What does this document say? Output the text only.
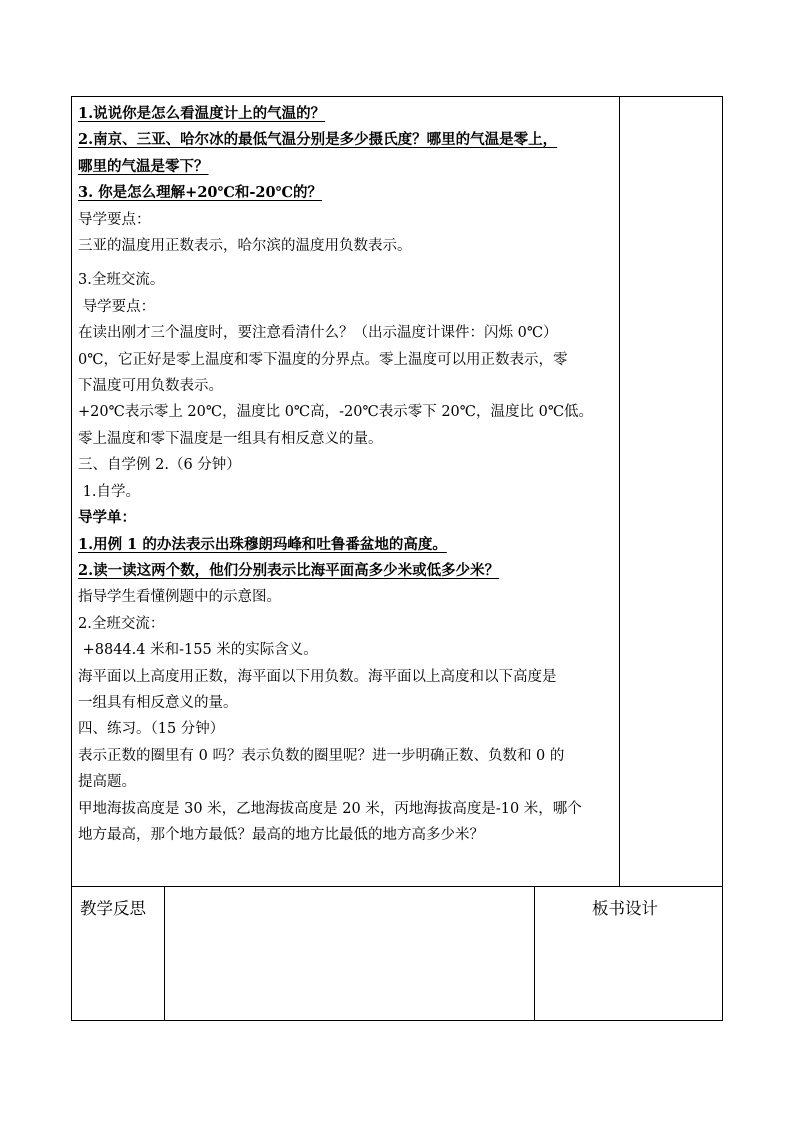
1.说说你是怎么看温度计上的气温的？

2.南京、三亚、哈尔冰的最低气温分别是多少摄氏度？哪里的气温是零上，

哪里的气温是零下？

3. 你是怎么理解+20℃和-20℃的？

导学要点：

三亚的温度用正数表示，哈尔滨的温度用负数表示。

3.全班交流。

导学要点：

在读出刚才三个温度时，要注意看清什么？（出示温度计课件：闪烁 0℃）

0℃，它正好是零上温度和零下温度的分界点。零上温度可以用正数表示，零

下温度可用负数表示。

+20℃表示零上 20℃，温度比 0℃高，-20℃表示零下 20℃，温度比 0℃低。

零上温度和零下温度是一组具有相反意义的量。

三、自学例 2.（6 分钟）

1.自学。

导学单：

1.用例 1 的办法表示出珠穆朗玛峰和吐鲁番盆地的高度。

2.读一读这两个数，他们分别表示比海平面高多少米或低多少米？

指导学生看懂例题中的示意图。

2.全班交流：

+8844.4 米和-155 米的实际含义。

海平面以上高度用正数，海平面以下用负数。海平面以上高度和以下高度是

一组具有相反意义的量。

四、练习。（15 分钟）

表示正数的圈里有 0 吗？表示负数的圈里呢？进一步明确正数、负数和 0 的

提高题。

甲地海拔高度是 30 米，乙地海拔高度是 20 米，丙地海拔高度是-10 米，哪个

地方最高，那个地方最低？最高的地方比最低的地方高多少米？

教学反思	板书设计
